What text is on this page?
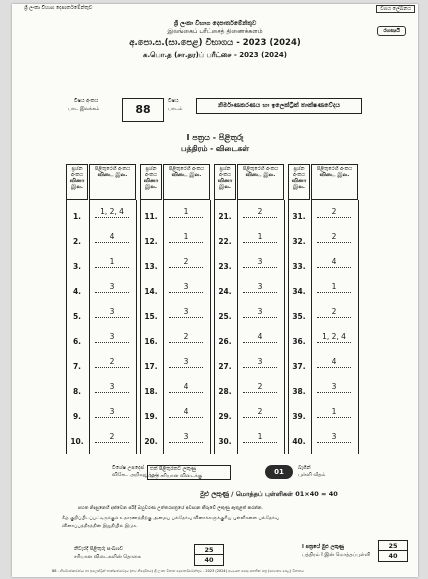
ශ්‍රී ලංකා විභාග දෙපාර්තමේන්තුව	වගය ලේඛනය
රහස්‍යයි
ශ්‍රී ලංකා විභාග දෙපාර්තමේන්තුව
இலங்கைப் பரீட்சைத் திணைக்களம்
අ.පො.ස.(සා.පෙළ) විභාගය - 2023 (2024)
க.பொ.த (சா.தர)ப் பரீட்சை - 2023 (2024)
විෂය අංකය
பாட இலக்கம்	88
විෂය
பாடம்	නිර්මාණකරණය හා ඉලෙක්ට්‍රික් තාක්ෂණවේදය
I පත්‍රය - පිළිතුරු
பத்திரம் - விடைகள்
ප්‍රශ්න අංකය
வினா இல.
පිළිතුරෙහි අංකය
விடை இல.
1.
1, 2, 4
2.
4
3.
1
4.
3
5.
3
6.
3
7.
2
8.
3
9.
3
10.
2
ප්‍රශ්න අංකය
வினா இல.
පිළිතුරෙහි අංකය
விடை இல.
11.
1
12.
1
13.
2
14.
3
15.
3
16.
2
17.
3
18.
4
19.
4
20.
3
ප්‍රශ්න අංකය
வினா இல.
පිළිතුරෙහි අංකය
விடை இல.
21.
2
22.
1
23.
3
24.
3
25.
3
26.
4
27.
3
28.
2
29.
2
30.
1
ප්‍රශ්න අංකය
வினா இல.
පිළිතුරෙහි අංකය
விடை இல.
31.
2
32.
2
33.
4
34.
1
35.
2
36.
1, 2, 4
37.
4
38.
3
39.
1
40.
3
විශේෂ උපදෙස්
விசேட அறிவுறுத்தல்
එක් පිළිතුරකට ලකුණු
ஒரு சரியான விடைக்கு	01	බැගින්
புள்ளி வீதம்
මුළු ලකුණු / மொத்தப் புள்ளிகள் 01×40 = 40
පහත නිදසුනෙහි දක්වෙන පරිදි බහුවරණ උත්තරපත්‍රයේ අවසාන කීරුවේ ලකුණු ඇතුළත් කරන්න.
கீழ் குறிப்பிடப்பட்டிருக்கும் உதாரணத்திற்கு அமைய பல்தேர்வு வினாக்களுக்குரிய புள்ளிகளை பல்தேர்வு
வினாப்பத்திரத்தின் இறுதியில் இடுக.
නිවැරදි පිළිතුරු සංඛ්‍යාව
சரியான விடைகளின் தொகை	$\frac{25}{40}$	I පත්‍රයේ මුළු ලකුණු
பத்திரம் I இன் மொத்தப்புள்ளி $\frac{25}{40}$
88 - නිර්මාණකරණය හා ඉලෙක්ට්‍රික් තාක්ෂණවේදය (නව නිර්දේශය) ශ්‍රී ලංකා විභාග දෙපාර්තමේන්තුව - 2023 (2024) අධ්‍යයන පොදු සහතික පත්‍ර (සාමාන්‍ය පෙළ) විභාගය
